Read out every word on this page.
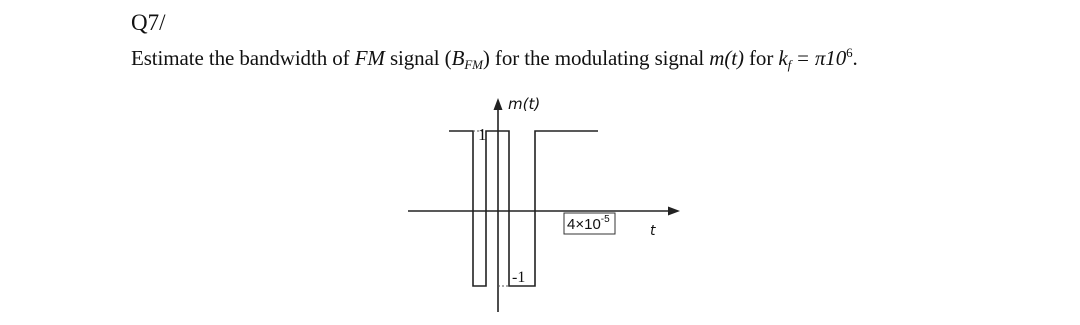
Q7/
Estimate the bandwidth of FM signal $(B_{FM})$ for the modulating signal m(t) for $k_f = \pi 10^6$.
m(t)
1
-1
$4\times 10^{-5}$
t
